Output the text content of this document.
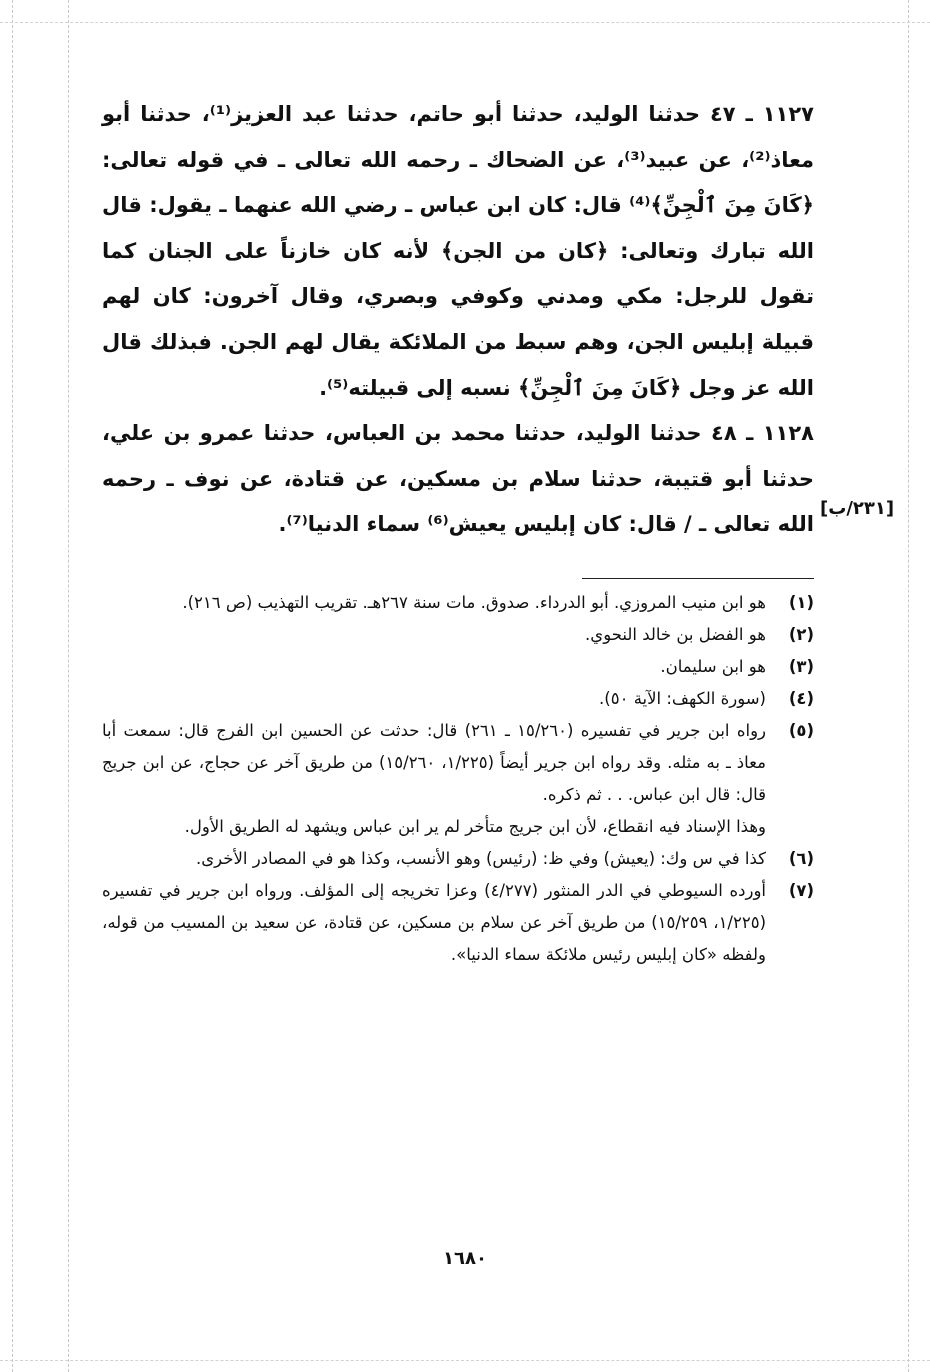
[٢٣١/ب]

١١٢٧ ـ ٤٧ حدثنا الوليد، حدثنا أبو حاتم، حدثنا عبد العزيز⁽¹⁾، حدثنا أبو معاذ⁽²⁾، عن عبيد⁽³⁾، عن الضحاك ـ رحمه الله تعالى ـ في قوله تعالى: ﴿كَانَ مِنَ ٱلْجِنِّ﴾⁽⁴⁾ قال: كان ابن عباس ـ رضي الله عنهما ـ يقول: قال الله تبارك وتعالى: ﴿كان من الجن﴾ لأنه كان خازناً على الجنان كما تقول للرجل: مكي ومدني وكوفي وبصري، وقال آخرون: كان لهم قبيلة إبليس الجن، وهم سبط من الملائكة يقال لهم الجن. فبذلك قال الله عز وجل ﴿كَانَ مِنَ ٱلْجِنِّ﴾ نسبه إلى قبيلته⁽⁵⁾.

١١٢٨ ـ ٤٨ حدثنا الوليد، حدثنا محمد بن العباس، حدثنا عمرو بن علي، حدثنا أبو قتيبة، حدثنا سلام بن مسكين، عن قتادة، عن نوف ـ رحمه الله تعالى ـ / قال: كان إبليس يعيش⁽⁶⁾ سماء الدنيا⁽⁷⁾.

(١)

هو ابن منيب المروزي. أبو الدرداء. صدوق. مات سنة ٢٦٧هـ. تقريب التهذيب (ص ٢١٦).

(٢)

هو الفضل بن خالد النحوي.

(٣)

هو ابن سليمان.

(٤)

(سورة الكهف: الآية ٥٠).

(٥)

رواه ابن جرير في تفسيره (١٥/٢٦٠ ـ ٢٦١) قال: حدثت عن الحسين ابن الفرج قال: سمعت أبا معاذ ـ به مثله. وقد رواه ابن جرير أيضاً (١/٢٢٥، ١٥/٢٦٠) من طريق آخر عن حجاج، عن ابن جريج قال: قال ابن عباس. . . ثم ذكره.

وهذا الإسناد فيه انقطاع، لأن ابن جريج متأخر لم ير ابن عباس ويشهد له الطريق الأول.

(٦)

كذا في س وك: (يعيش) وفي ظ: (رئيس) وهو الأنسب، وكذا هو في المصادر الأخرى.

(٧)

أورده السيوطي في الدر المنثور (٤/٢٧٧) وعزا تخريجه إلى المؤلف. ورواه ابن جرير في تفسيره (١/٢٢٥، ١٥/٢٥٩) من طريق آخر عن سلام بن مسكين، عن قتادة، عن سعيد بن المسيب من قوله، ولفظه «كان إبليس رئيس ملائكة سماء الدنيا».

١٦٨٠
